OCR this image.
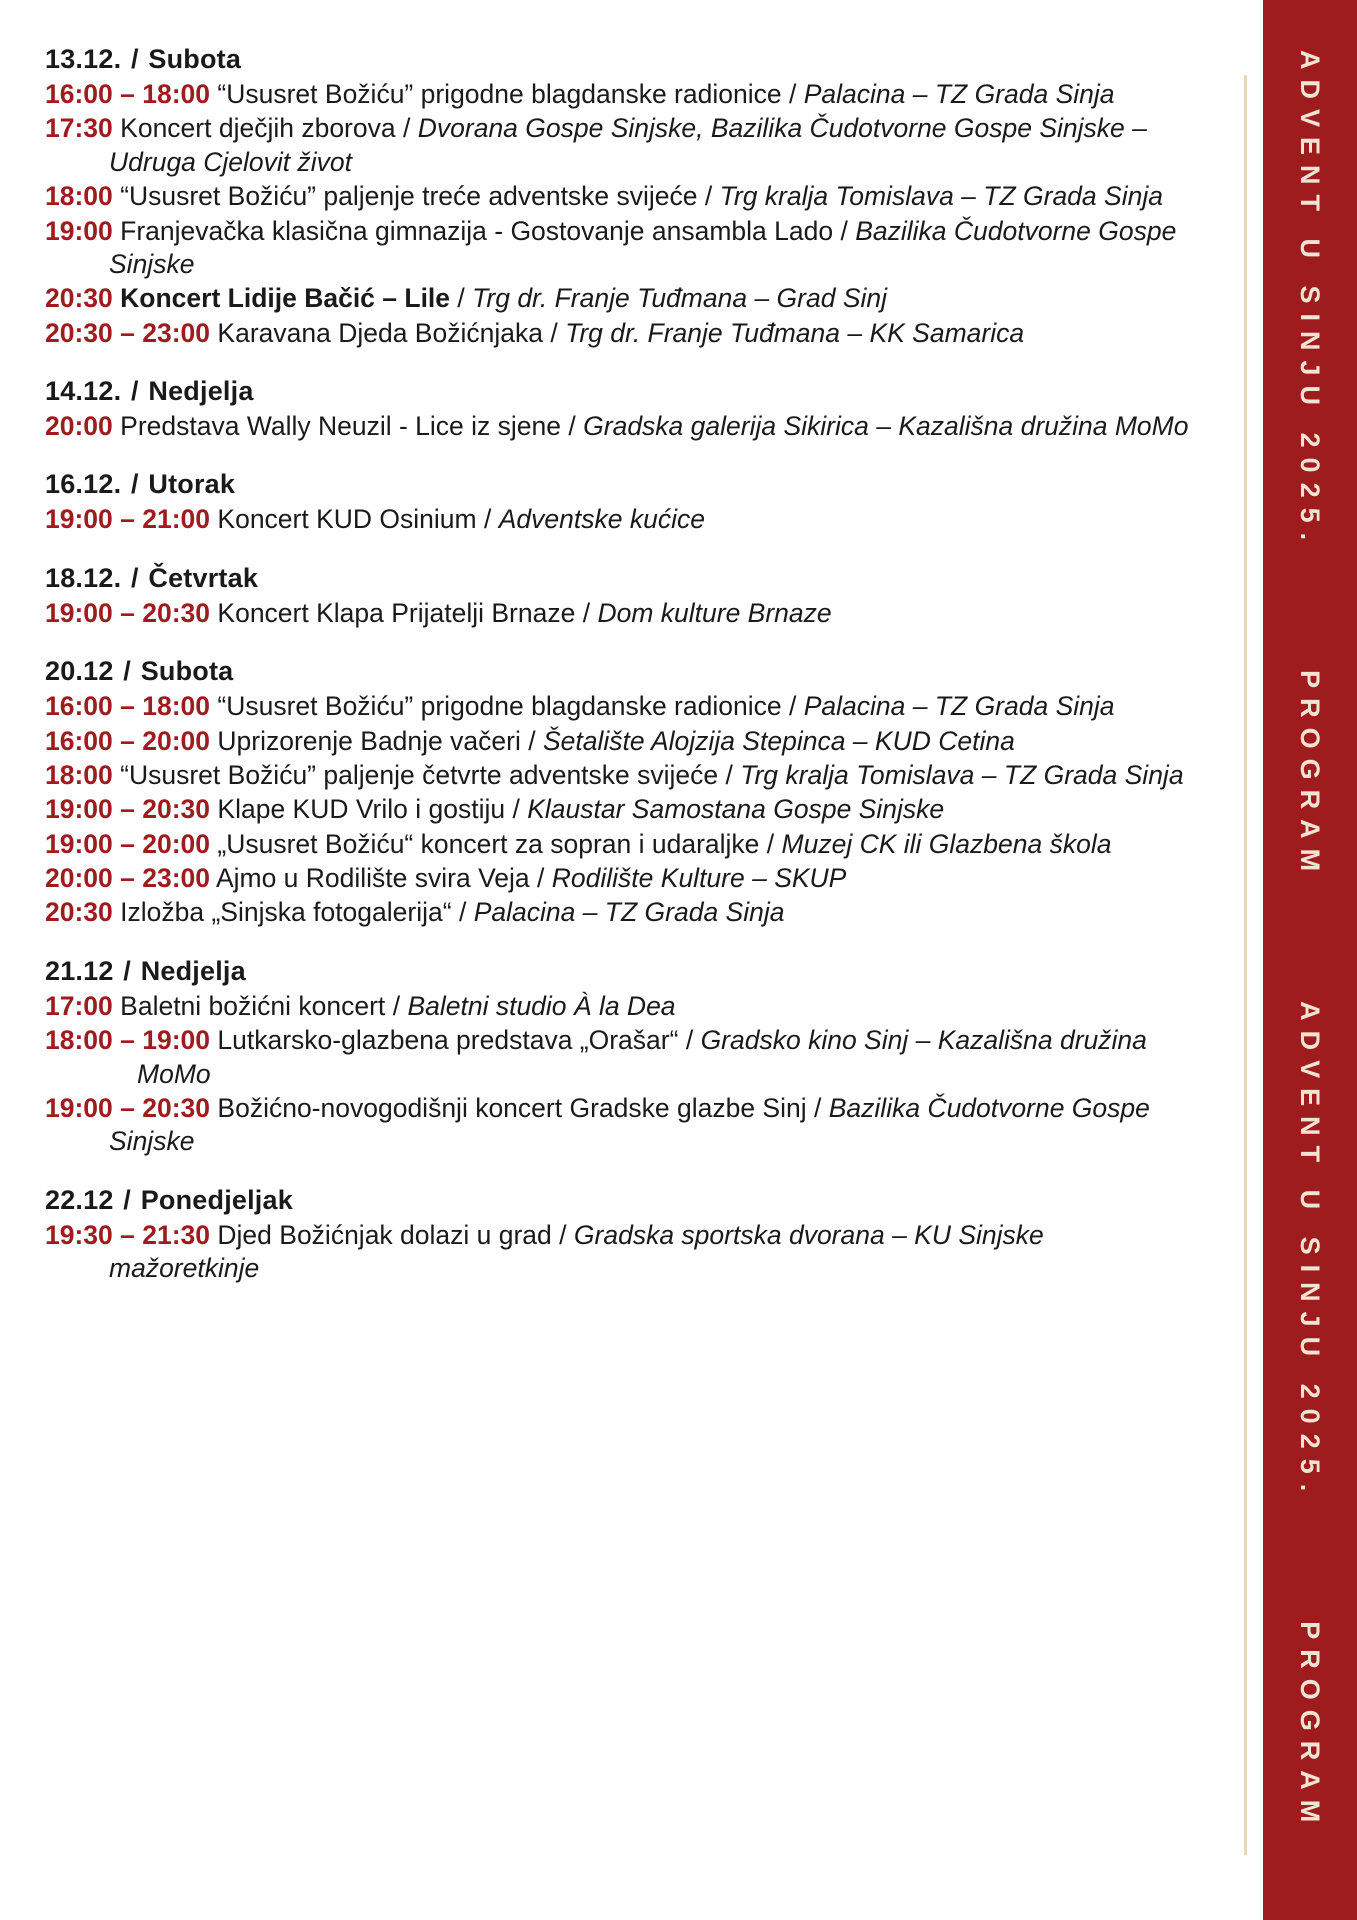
13.12. / Subota
16:00 – 18:00 “Ususret Božiću” prigodne blagdanske radionice / Palacina – TZ Grada Sinja
17:30 Koncert dječjih zborova / Dvorana Gospe Sinjske, Bazilika Čudotvorne Gospe Sinjske – Udruga Cjelovit život
18:00 “Ususret Božiću” paljenje treće adventske svijeće / Trg kralja Tomislava – TZ Grada Sinja
19:00 Franjevačka klasična gimnazija - Gostovanje ansambla Lado / Bazilika Čudotvorne Gospe Sinjske
20:30 Koncert Lidije Bačić – Lile / Trg dr. Franje Tuđmana – Grad Sinj
20:30 – 23:00 Karavana Djeda Božićnjaka / Trg dr. Franje Tuđmana – KK Samarica
14.12. / Nedjelja
20:00 Predstava Wally Neuzil - Lice iz sjene / Gradska galerija Sikirica – Kazališna družina MoMo
16.12. / Utorak
19:00 – 21:00 Koncert KUD Osinium / Adventske kućice
18.12. / Četvrtak
19:00 – 20:30 Koncert Klapa Prijatelji Brnaze / Dom kulture Brnaze
20.12 / Subota
16:00 – 18:00 “Ususret Božiću” prigodne blagdanske radionice / Palacina – TZ Grada Sinja
16:00 – 20:00 Uprizorenje Badnje vačeri / Šetalište Alojzija Stepinca – KUD Cetina
18:00 “Ususret Božiću” paljenje četvrte adventske svijeće / Trg kralja Tomislava – TZ Grada Sinja
19:00 – 20:30 Klape KUD Vrilo i gostiju / Klaustar Samostana Gospe Sinjske
19:00 – 20:00 „Ususret Božiću“ koncert za sopran i udaraljke / Muzej CK ili Glazbena škola
20:00 – 23:00 Ajmo u Rodilište svira Veja / Rodilište Kulture – SKUP
20:30 Izložba „Sinjska fotogalerija“ / Palacina – TZ Grada Sinja
21.12 / Nedjelja
17:00 Baletni božićni koncert / Baletni studio À la Dea
18:00 – 19:00 Lutkarsko-glazbena predstava „Orašar“ / Gradsko kino Sinj – Kazališna družina MoMo
19:00 – 20:30 Božićno-novogodišnji koncert Gradske glazbe Sinj / Bazilika Čudotvorne Gospe Sinjske
22.12 / Ponedjeljak
19:30 – 21:30 Djed Božićnjak dolazi u grad / Gradska sportska dvorana – KU Sinjske mažoretkinje
ADVENT U SINJU 2025.PROGRAMADVENT U SINJU 2025.PROGRAM
